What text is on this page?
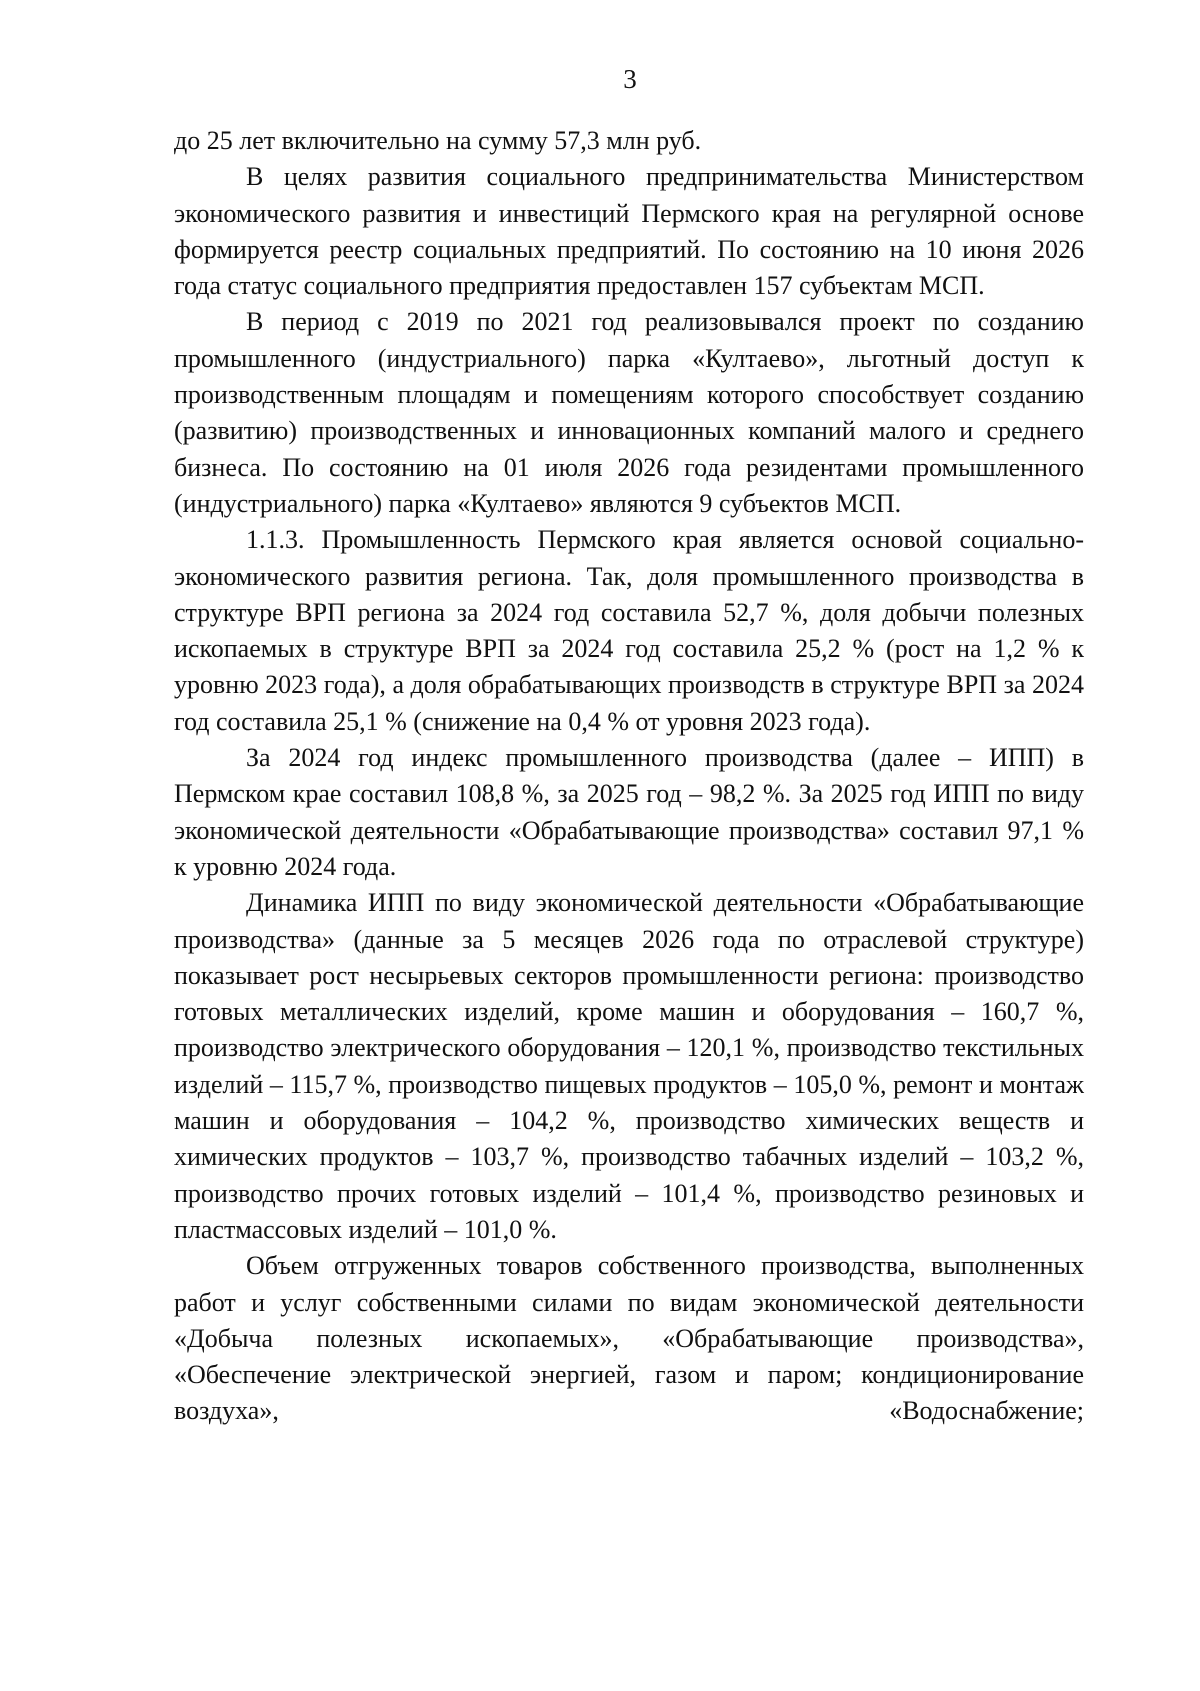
3

до 25 лет включительно на сумму 57,3 млн руб.

В целях развития социального предпринимательства Министерством экономического развития и инвестиций Пермского края на регулярной основе формируется реестр социальных предприятий. По состоянию на 10 июня 2026 года статус социального предприятия предоставлен 157 субъектам МСП.

В период с 2019 по 2021 год реализовывался проект по созданию промышленного (индустриального) парка «Култаево», льготный доступ к производственным площадям и помещениям которого способствует созданию (развитию) производственных и инновационных компаний малого и среднего бизнеса. По состоянию на 01 июля 2026 года резидентами промышленного (индустриального) парка «Култаево» являются 9 субъектов МСП.

1.1.3. Промышленность Пермского края является основой социально-экономического развития региона. Так, доля промышленного производства в структуре ВРП региона за 2024 год составила 52,7 %, доля добычи полезных ископаемых в структуре ВРП за 2024 год составила 25,2 % (рост на 1,2 % к уровню 2023 года), а доля обрабатывающих производств в структуре ВРП за 2024 год составила 25,1 % (снижение на 0,4 % от уровня 2023 года).

За 2024 год индекс промышленного производства (далее – ИПП) в Пермском крае составил 108,8 %, за 2025 год – 98,2 %. За 2025 год ИПП по виду экономической деятельности «Обрабатывающие производства» составил 97,1 % к уровню 2024 года.

Динамика ИПП по виду экономической деятельности «Обрабатывающие производства» (данные за 5 месяцев 2026 года по отраслевой структуре) показывает рост несырьевых секторов промышленности региона: производство готовых металлических изделий, кроме машин и оборудования – 160,7 %, производство электрического оборудования – 120,1 %, производство текстильных изделий – 115,7 %, производство пищевых продуктов – 105,0 %, ремонт и монтаж машин и оборудования – 104,2 %, производство химических веществ и химических продуктов – 103,7 %, производство табачных изделий – 103,2 %, производство прочих готовых изделий – 101,4 %, производство резиновых и пластмассовых изделий – 101,0 %.

Объем отгруженных товаров собственного производства, выполненных работ и услуг собственными силами по видам экономической деятельности «Добыча полезных ископаемых», «Обрабатывающие производства», «Обеспечение электрической энергией, газом и паром; кондиционирование воздуха», «Водоснабжение;
